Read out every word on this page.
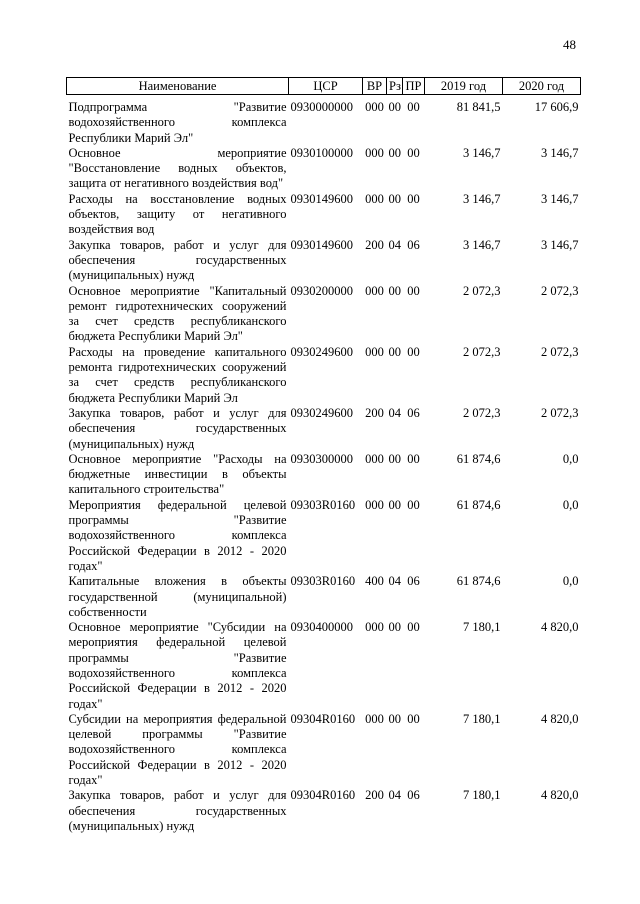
48
Наименование	ЦСР	ВР	Рз	ПР	2019 год	2020 год
Подпрограмма "Развитие водохозяйственного комплекса Республики Марий Эл"	0930000000	000	00	00	81 841,5	17 606,9
Основное мероприятие "Восстановление водных объектов, защита от негативного воздействия вод"	0930100000	000	00	00	3 146,7	3 146,7
Расходы на восстановление водных объектов, защиту от негативного воздействия вод	0930149600	000	00	00	3 146,7	3 146,7
Закупка товаров, работ и услуг для обеспечения государственных (муниципальных) нужд	0930149600	200	04	06	3 146,7	3 146,7
Основное мероприятие "Капитальный ремонт гидротехнических сооружений за счет средств республиканского бюджета Республики Марий Эл"	0930200000	000	00	00	2 072,3	2 072,3
Расходы на проведение капитального ремонта гидротехнических сооружений за счет средств республиканского бюджета Республики Марий Эл	0930249600	000	00	00	2 072,3	2 072,3
Закупка товаров, работ и услуг для обеспечения государственных (муниципальных) нужд	0930249600	200	04	06	2 072,3	2 072,3
Основное мероприятие "Расходы на бюджетные инвестиции в объекты капитального строительства"	0930300000	000	00	00	61 874,6	0,0
Мероприятия федеральной целевой программы "Развитие водохозяйственного комплекса Российской Федерации в 2012 - 2020 годах"	09303R0160	000	00	00	61 874,6	0,0
Капитальные вложения в объекты государственной (муниципальной) собственности	09303R0160	400	04	06	61 874,6	0,0
Основное мероприятие "Субсидии на мероприятия федеральной целевой программы "Развитие водохозяйственного комплекса Российской Федерации в 2012 - 2020 годах"	0930400000	000	00	00	7 180,1	4 820,0
Субсидии на мероприятия федеральной целевой программы "Развитие водохозяйственного комплекса Российской Федерации в 2012 - 2020 годах"	09304R0160	000	00	00	7 180,1	4 820,0
Закупка товаров, работ и услуг для обеспечения государственных (муниципальных) нужд	09304R0160	200	04	06	7 180,1	4 820,0
